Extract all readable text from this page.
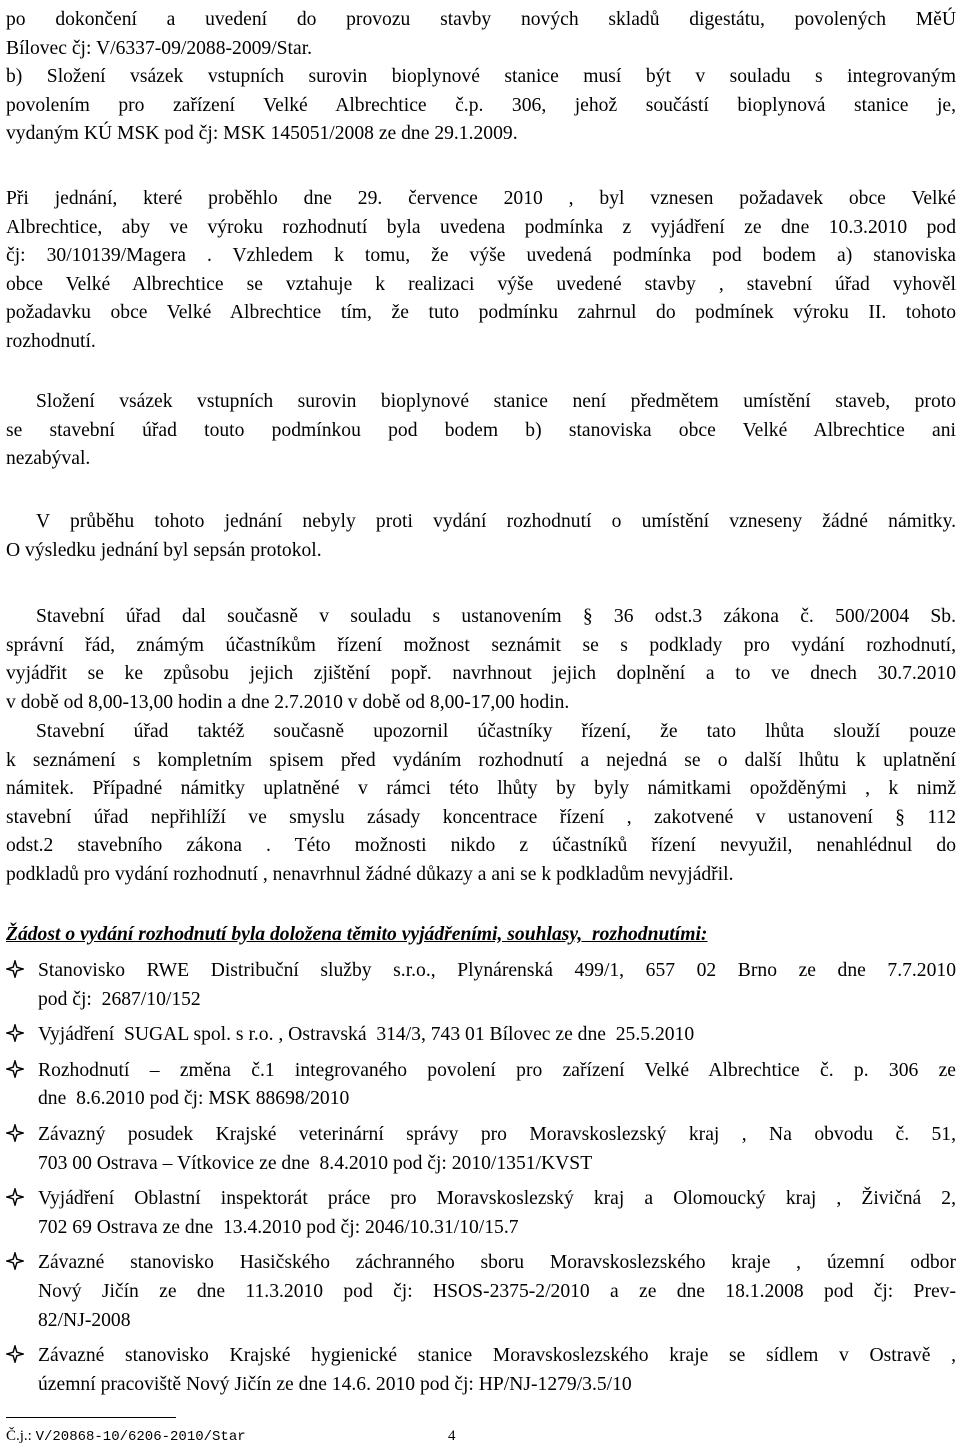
po dokončení a uvedení do provozu stavby nových skladů digestátu, povolených MěÚ
Bílovec čj: V/6337-09/2088-2009/Star.
b) Složení vsázek vstupních surovin bioplynové stanice musí být v souladu s integrovaným
povolením pro zařízení Velké Albrechtice č.p. 306, jehož součástí bioplynová stanice je,
vydaným KÚ MSK pod čj: MSK 145051/2008 ze dne 29.1.2009.
Při jednání, které proběhlo dne 29. července 2010 , byl vznesen požadavek obce Velké
Albrechtice, aby ve výroku rozhodnutí byla uvedena podmínka z vyjádření ze dne 10.3.2010 pod
čj: 30/10139/Magera . Vzhledem k tomu, že výše uvedená podmínka pod bodem a) stanoviska
obce Velké Albrechtice se vztahuje k realizaci výše uvedené stavby , stavební úřad vyhověl
požadavku obce Velké Albrechtice tím, že tuto podmínku zahrnul do podmínek výroku II. tohoto
rozhodnutí.
Složení vsázek vstupních surovin bioplynové stanice není předmětem umístění staveb, proto
se stavební úřad touto podmínkou pod bodem b) stanoviska obce Velké Albrechtice ani
nezabýval.
V průběhu tohoto jednání nebyly proti vydání rozhodnutí o umístění vzneseny žádné námitky.
O výsledku jednání byl sepsán protokol.
Stavební úřad dal současně v souladu s ustanovením § 36 odst.3 zákona č. 500/2004 Sb.
správní řád, známým účastníkům řízení možnost seznámit se s podklady pro vydání rozhodnutí,
vyjádřit se ke způsobu jejich zjištění popř. navrhnout jejich doplnění a to ve dnech 30.7.2010
v době od 8,00-13,00 hodin a dne 2.7.2010 v době od 8,00-17,00 hodin.
Stavební úřad taktéž současně upozornil účastníky řízení, že tato lhůta slouží pouze
k seznámení s kompletním spisem před vydáním rozhodnutí a nejedná se o další lhůtu k uplatnění
námitek. Případné námitky uplatněné v rámci této lhůty by byly námitkami opožděnými , k nimž
stavební úřad nepřihlíží ve smyslu zásady koncentrace řízení , zakotvené v ustanovení § 112
odst.2 stavebního zákona . Této možnosti nikdo z účastníků řízení nevyužil, nenahlédnul do
podkladů pro vydání rozhodnutí , nenavrhnul žádné důkazy a ani se k podkladům nevyjádřil.
Žádost o vydání rozhodnutí byla doložena těmito vyjádřeními, souhlasy,  rozhodnutími:
Stanovisko RWE Distribuční služby s.r.o., Plynárenská 499/1, 657 02 Brno ze dne 7.7.2010
pod čj:  2687/10/152
Vyjádření  SUGAL spol. s r.o. , Ostravská  314/3, 743 01 Bílovec ze dne  25.5.2010
Rozhodnutí – změna č.1 integrovaného povolení pro zařízení Velké Albrechtice č. p. 306 ze
dne  8.6.2010 pod čj: MSK 88698/2010
Závazný posudek Krajské veterinární správy pro Moravskoslezský kraj , Na obvodu č. 51,
703 00 Ostrava – Vítkovice ze dne  8.4.2010 pod čj: 2010/1351/KVST
Vyjádření Oblastní inspektorát práce pro Moravskoslezský kraj a Olomoucký kraj , Živičná 2,
702 69 Ostrava ze dne  13.4.2010 pod čj: 2046/10.31/10/15.7
Závazné stanovisko Hasičského záchranného sboru Moravskoslezského kraje , územní odbor
Nový Jičín ze dne 11.3.2010 pod čj: HSOS-2375-2/2010 a ze dne 18.1.2008 pod čj: Prev-
82/NJ-2008
Závazné stanovisko Krajské hygienické stanice Moravskoslezského kraje se sídlem v Ostravě ,
územní pracoviště Nový Jičín ze dne 14.6. 2010 pod čj: HP/NJ-1279/3.5/10
Č.j.: V/20868-10/6206-2010/Star	4
